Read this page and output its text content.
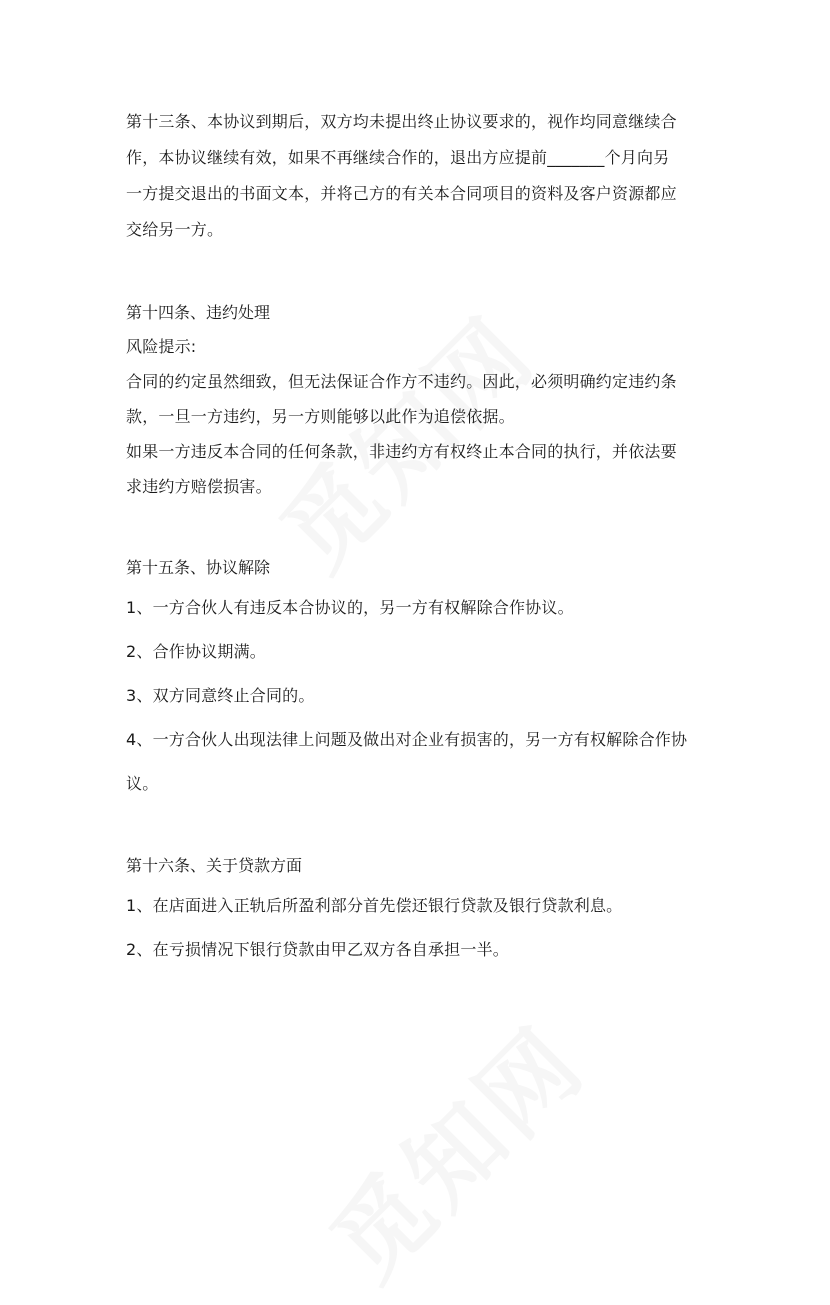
第十三条、本协议到期后，双方均未提出终止协议要求的，视作均同意继续合

作，本协议继续有效，如果不再继续合作的，退出方应提前_______个月向另

一方提交退出的书面文本，并将己方的有关本合同项目的资料及客户资源都应

交给另一方。

第十四条、违约处理

风险提示:

合同的约定虽然细致，但无法保证合作方不违约。因此，必须明确约定违约条

款，一旦一方违约，另一方则能够以此作为追偿依据。

如果一方违反本合同的任何条款，非违约方有权终止本合同的执行，并依法要

求违约方赔偿损害。

第十五条、协议解除

1、一方合伙人有违反本合协议的，另一方有权解除合作协议。

2、合作协议期满。

3、双方同意终止合同的。

4、一方合伙人出现法律上问题及做出对企业有损害的，另一方有权解除合作协

议。

第十六条、关于贷款方面

1、在店面进入正轨后所盈利部分首先偿还银行贷款及银行贷款利息。

2、在亏损情况下银行贷款由甲乙双方各自承担一半。
